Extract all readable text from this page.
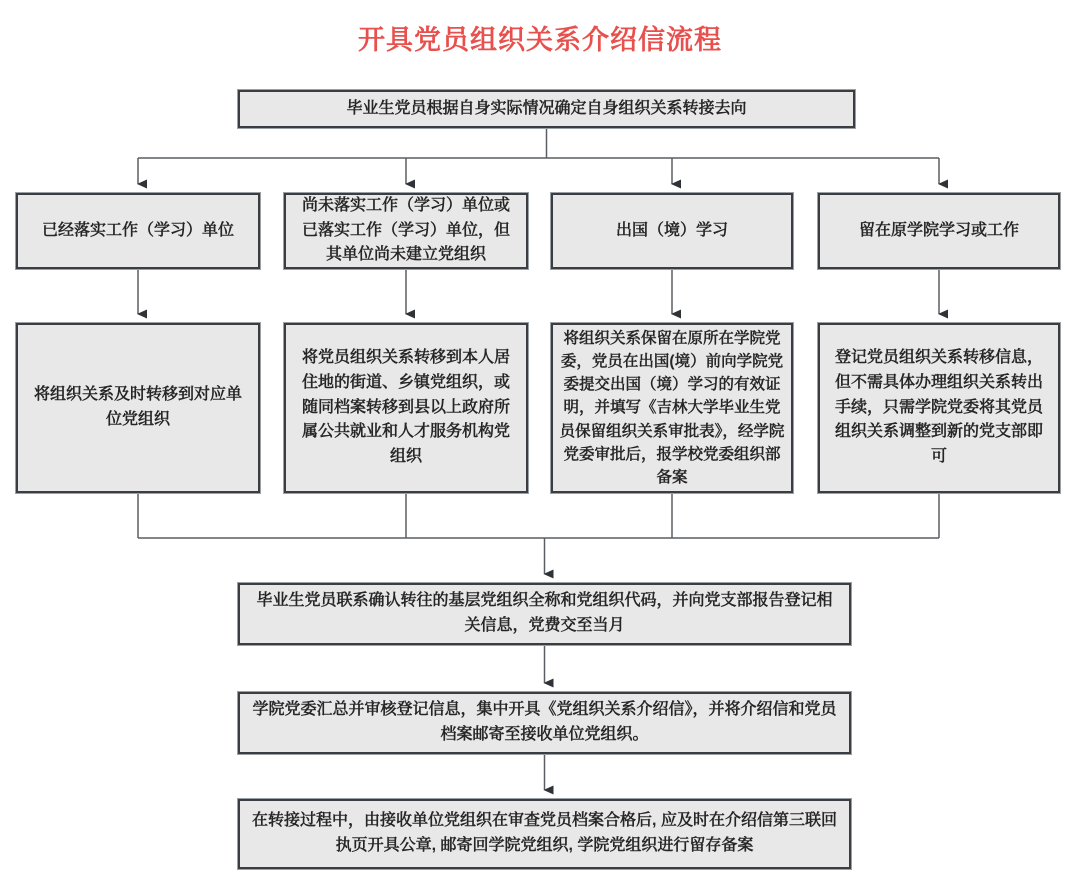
开具党员组织关系介绍信流程
毕业生党员根据自身实际情况确定自身组织关系转接去向
已经落实工作（学习）单位
尚未落实工作（学习）单位或已落实工作（学习）单位，但其单位尚未建立党组织
出国（境）学习	留在原学院学习或工作
将组织关系及时转移到对应单位党组织
将党员组织关系转移到本人居住地的街道、乡镇党组织，或随同档案转移到县以上政府所属公共就业和人才服务机构党组织
将组织关系保留在原所在学院党委，党员在出国(境）前向学院党委提交出国（境）学习的有效证明，并填写《吉林大学毕业生党员保留组织关系审批表》，经学院党委审批后，报学校党委组织部备案
登记党员组织关系转移信息，但不需具体办理组织关系转出手续，只需学院党委将其党员组织关系调整到新的党支部即可
毕业生党员联系确认转往的基层党组织全称和党组织代码，并向党支部报告登记相关信息，党费交至当月
学院党委汇总并审核登记信息，集中开具《党组织关系介绍信》，并将介绍信和党员档案邮寄至接收单位党组织。
在转接过程中，由接收单位党组织在审查党员档案合格后, 应及时在介绍信第三联回执页开具公章, 邮寄回学院党组织, 学院党组织进行留存备案
